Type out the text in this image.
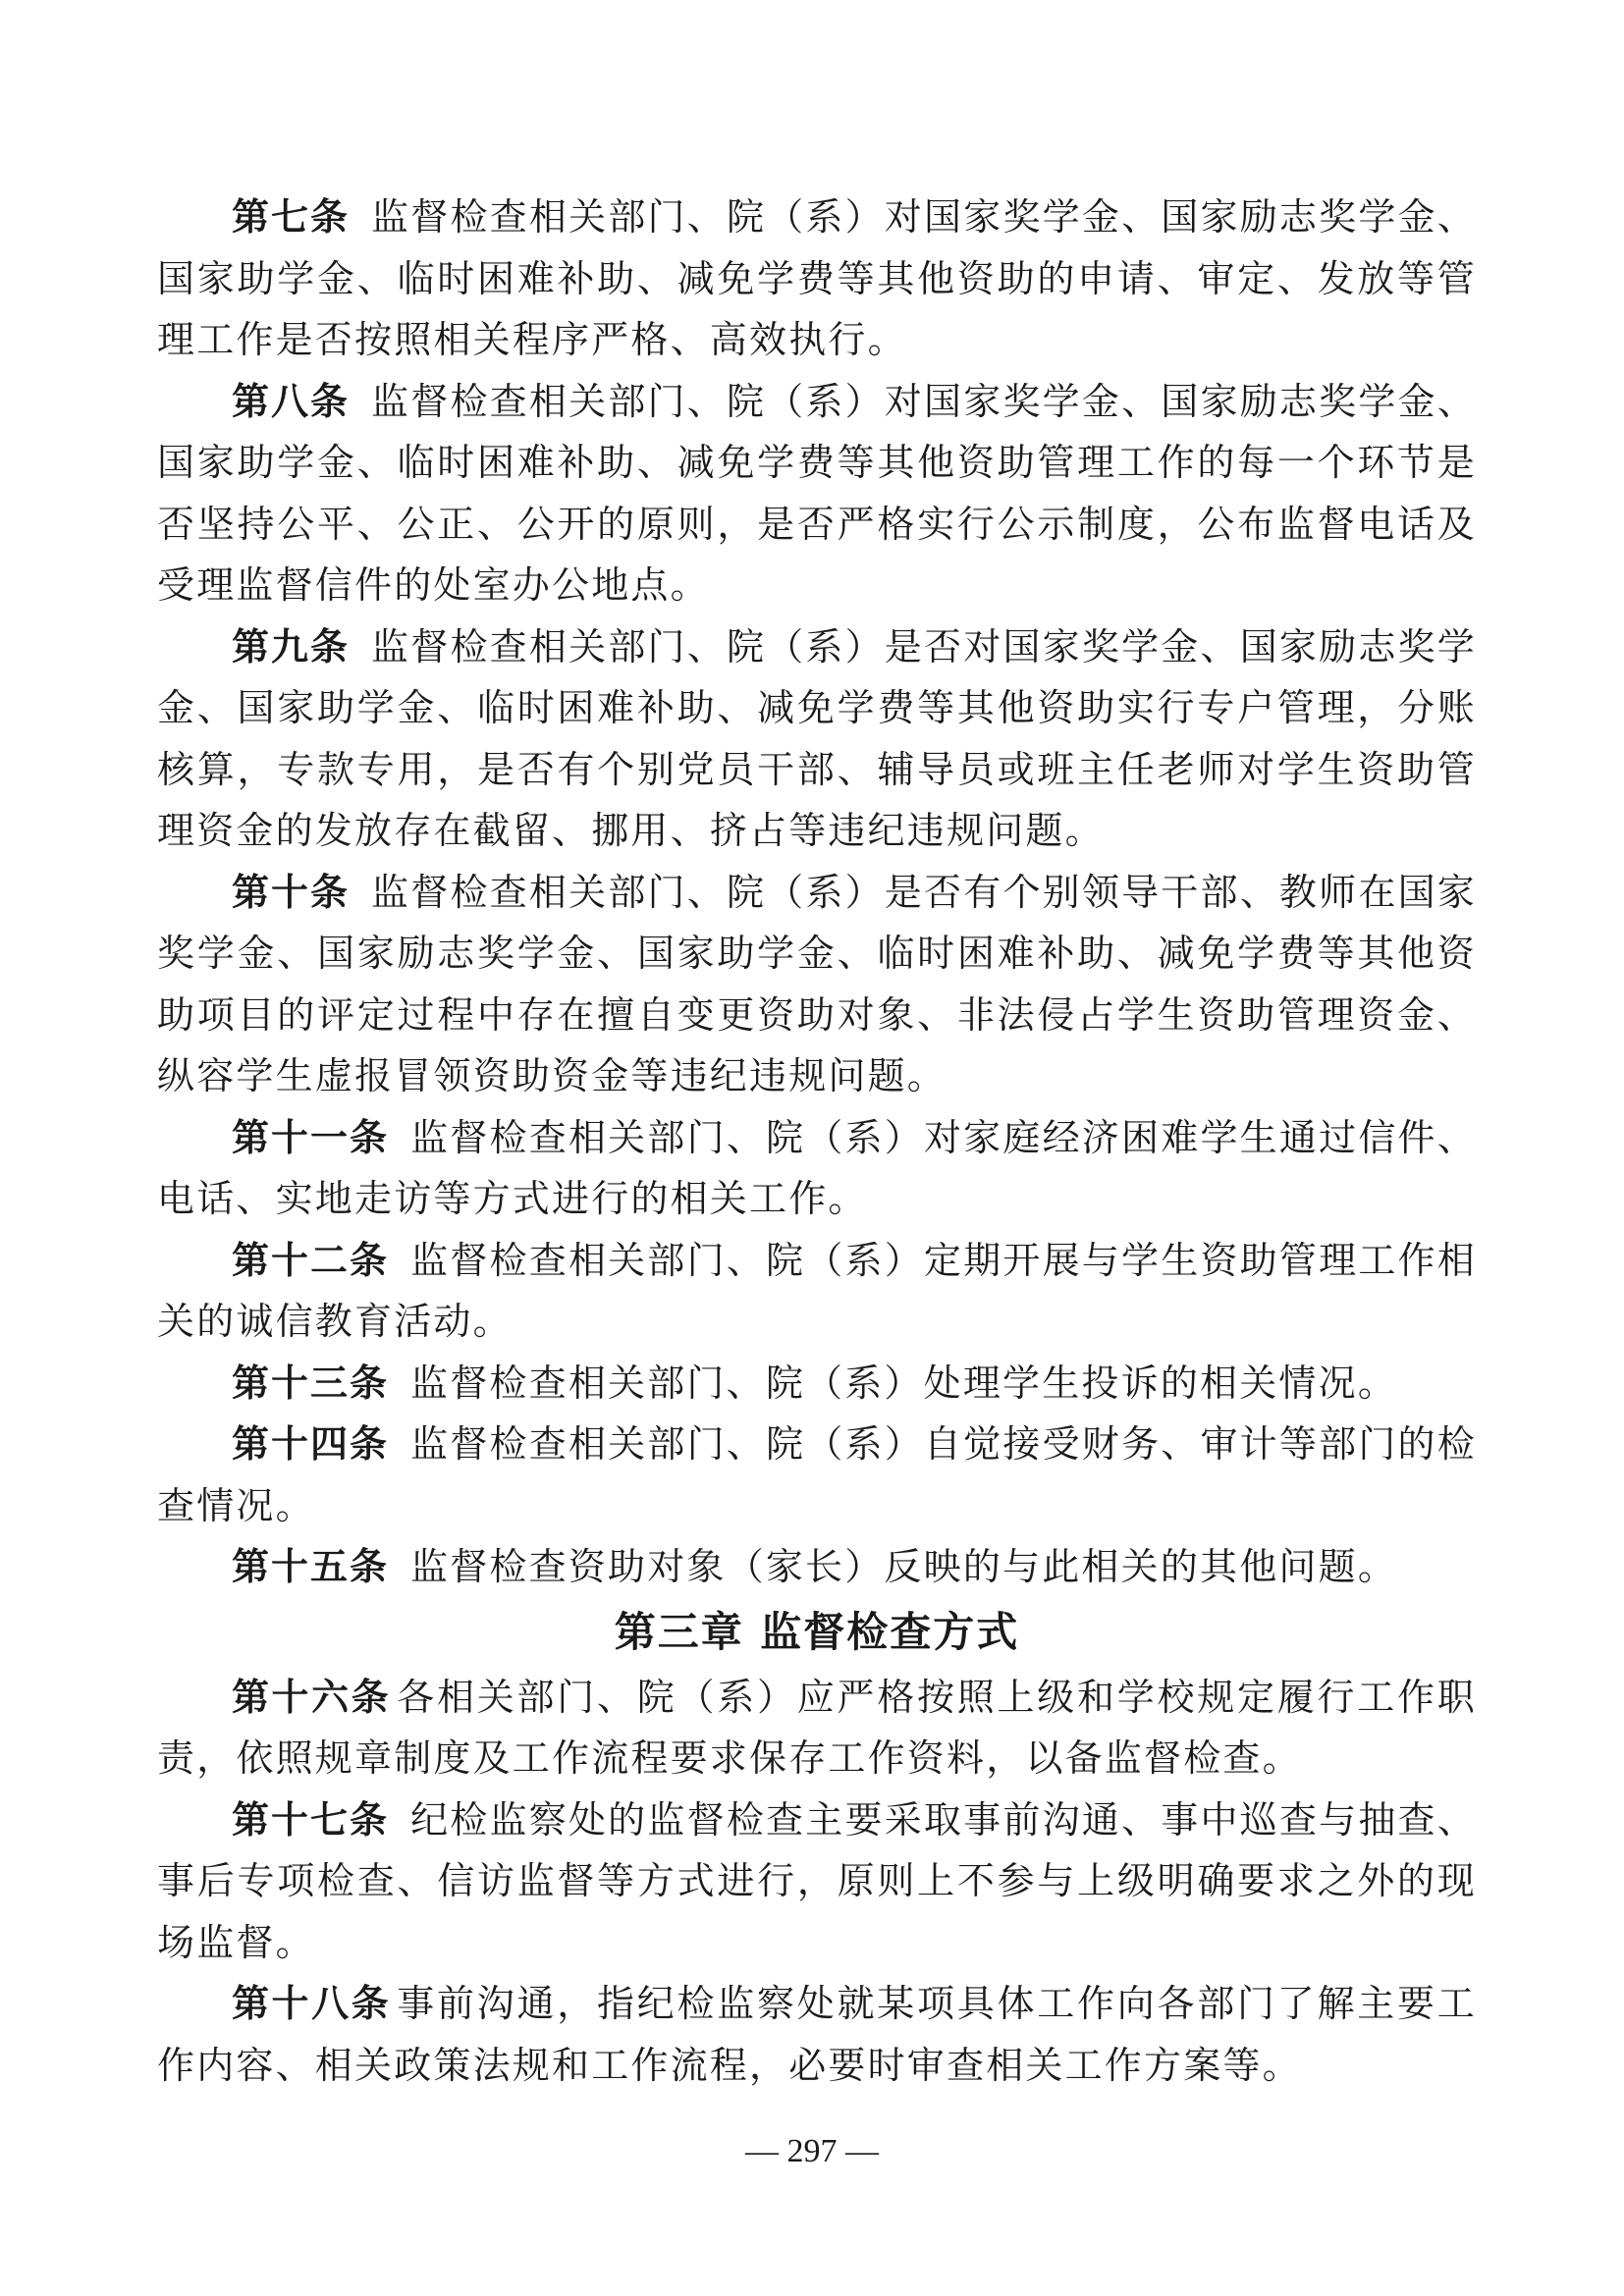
第七条 监督检查相关部门、院（系）对国家奖学金、国家励志奖学金、国家助学金、临时困难补助、减免学费等其他资助的申请、审定、发放等管理工作是否按照相关程序严格、高效执行。

第八条 监督检查相关部门、院（系）对国家奖学金、国家励志奖学金、国家助学金、临时困难补助、减免学费等其他资助管理工作的每一个环节是否坚持公平、公正、公开的原则，是否严格实行公示制度，公布监督电话及受理监督信件的处室办公地点。

第九条 监督检查相关部门、院（系）是否对国家奖学金、国家励志奖学金、国家助学金、临时困难补助、减免学费等其他资助实行专户管理，分账核算，专款专用，是否有个别党员干部、辅导员或班主任老师对学生资助管理资金的发放存在截留、挪用、挤占等违纪违规问题。

第十条 监督检查相关部门、院（系）是否有个别领导干部、教师在国家奖学金、国家励志奖学金、国家助学金、临时困难补助、减免学费等其他资助项目的评定过程中存在擅自变更资助对象、非法侵占学生资助管理资金、纵容学生虚报冒领资助资金等违纪违规问题。

第十一条 监督检查相关部门、院（系）对家庭经济困难学生通过信件、电话、实地走访等方式进行的相关工作。

第十二条 监督检查相关部门、院（系）定期开展与学生资助管理工作相关的诚信教育活动。

第十三条 监督检查相关部门、院（系）处理学生投诉的相关情况。

第十四条 监督检查相关部门、院（系）自觉接受财务、审计等部门的检查情况。

第十五条 监督检查资助对象（家长）反映的与此相关的其他问题。

第三章 监督检查方式

第十六条 各相关部门、院（系）应严格按照上级和学校规定履行工作职责，依照规章制度及工作流程要求保存工作资料，以备监督检查。

第十七条 纪检监察处的监督检查主要采取事前沟通、事中巡查与抽查、事后专项检查、信访监督等方式进行，原则上不参与上级明确要求之外的现场监督。

第十八条 事前沟通，指纪检监察处就某项具体工作向各部门了解主要工作内容、相关政策法规和工作流程，必要时审查相关工作方案等。

— 297 —
